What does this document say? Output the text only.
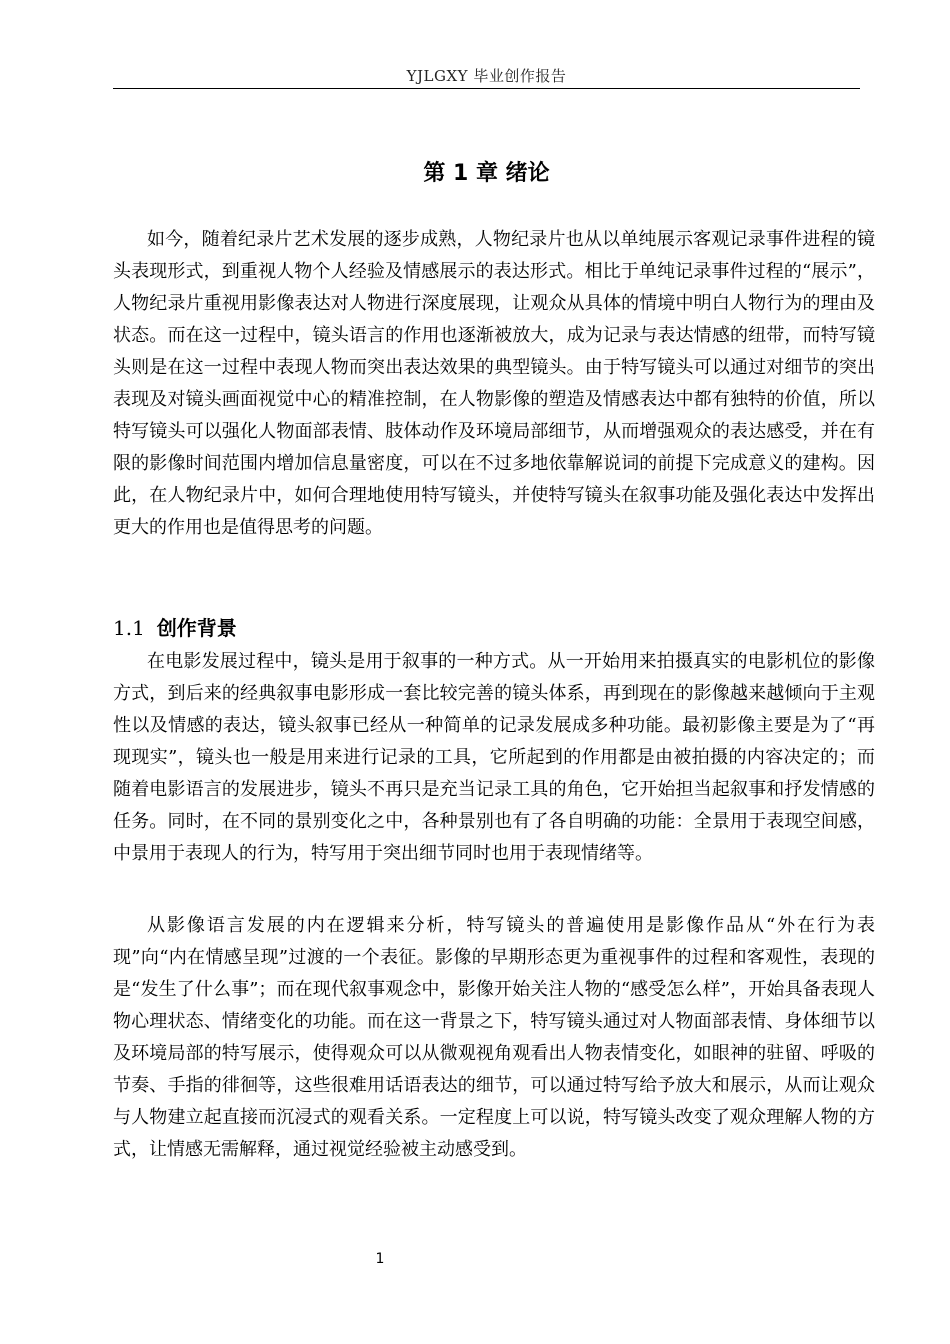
YJLGXY 毕业创作报告
第 1 章 绪论

如今，随着纪录片艺术发展的逐步成熟，人物纪录片也从以单纯展示客观记录事件进程的镜头表现形式，到重视人物个人经验及情感展示的表达形式。相比于单纯记录事件过程的“展示”，人物纪录片重视用影像表达对人物进行深度展现，让观众从具体的情境中明白人物行为的理由及状态。而在这一过程中，镜头语言的作用也逐渐被放大，成为记录与表达情感的纽带，而特写镜头则是在这一过程中表现人物而突出表达效果的典型镜头。由于特写镜头可以通过对细节的突出表现及对镜头画面视觉中心的精准控制，在人物影像的塑造及情感表达中都有独特的价值，所以特写镜头可以强化人物面部表情、肢体动作及环境局部细节，从而增强观众的表达感受，并在有限的影像时间范围内增加信息量密度，可以在不过多地依靠解说词的前提下完成意义的建构。因此，在人物纪录片中，如何合理地使用特写镜头，并使特写镜头在叙事功能及强化表达中发挥出更大的作用也是值得思考的问题。

1.1 创作背景

在电影发展过程中，镜头是用于叙事的一种方式。从一开始用来拍摄真实的电影机位的影像方式，到后来的经典叙事电影形成一套比较完善的镜头体系，再到现在的影像越来越倾向于主观性以及情感的表达，镜头叙事已经从一种简单的记录发展成多种功能。最初影像主要是为了“再现现实”，镜头也一般是用来进行记录的工具，它所起到的作用都是由被拍摄的内容决定的；而随着电影语言的发展进步，镜头不再只是充当记录工具的角色，它开始担当起叙事和抒发情感的任务。同时，在不同的景别变化之中，各种景别也有了各自明确的功能：全景用于表现空间感，中景用于表现人的行为，特写用于突出细节同时也用于表现情绪等。

从影像语言发展的内在逻辑来分析，特写镜头的普遍使用是影像作品从“外在行为表现”向“内在情感呈现”过渡的一个表征。影像的早期形态更为重视事件的过程和客观性，表现的是“发生了什么事”；而在现代叙事观念中，影像开始关注人物的“感受怎么样”，开始具备表现人物心理状态、情绪变化的功能。而在这一背景之下，特写镜头通过对人物面部表情、身体细节以及环境局部的特写展示，使得观众可以从微观视角观看出人物表情变化，如眼神的驻留、呼吸的节奏、手指的徘徊等，这些很难用话语表达的细节，可以通过特写给予放大和展示，从而让观众与人物建立起直接而沉浸式的观看关系。一定程度上可以说，特写镜头改变了观众理解人物的方式，让情感无需解释，通过视觉经验被主动感受到。

1
